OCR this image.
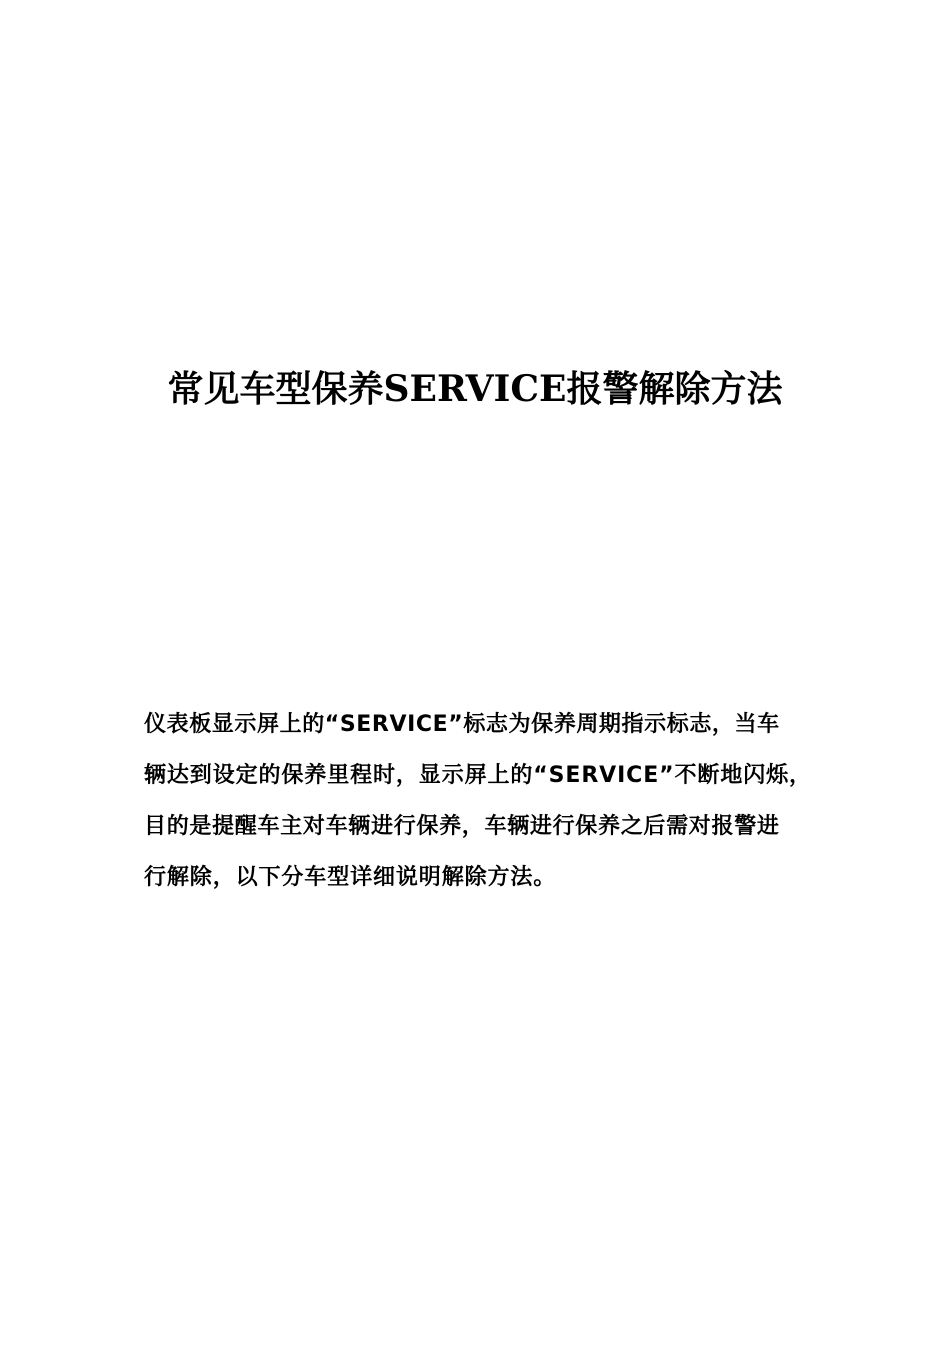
常见车型保养SERVICE报警解除方法
仪表板显示屏上的“SERVICE”标志为保养周期指示标志，当车
辆达到设定的保养里程时，显示屏上的“SERVICE”不断地闪烁，
目的是提醒车主对车辆进行保养，车辆进行保养之后需对报警进
行解除，以下分车型详细说明解除方法。
